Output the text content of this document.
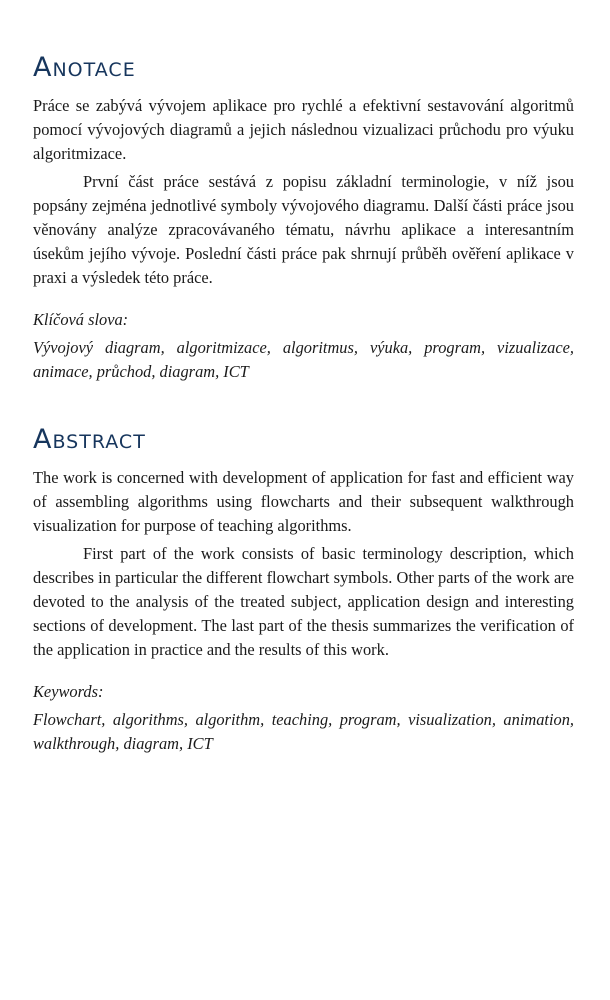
Anotace

Práce se zabývá vývojem aplikace pro rychlé a efektivní sestavování algoritmů pomocí vývojových diagramů a jejich následnou vizualizaci průchodu pro výuku algoritmizace.

První část práce sestává z popisu základní terminologie, v níž jsou popsány zejména jednotlivé symboly vývojového diagramu. Další části práce jsou věnovány analýze zpracovávaného tématu, návrhu aplikace a interesantním úsekům jejího vývoje. Poslední části práce pak shrnují průběh ověření aplikace v praxi a výsledek této práce.

Klíčová slova:

Vývojový diagram, algoritmizace, algoritmus, výuka, program, vizualizace, animace, průchod, diagram, ICT

Abstract

The work is concerned with development of application for fast and efficient way of assembling algorithms using flowcharts and their subsequent walkthrough visualization for purpose of teaching algorithms.

First part of the work consists of basic terminology description, which describes in particular the different flowchart symbols. Other parts of the work are devoted to the analysis of the treated subject, application design and interesting sections of development. The last part of the thesis summarizes the verification of the application in practice and the results of this work.

Keywords:

Flowchart, algorithms, algorithm, teaching, program, visualization, animation, walkthrough, diagram, ICT
